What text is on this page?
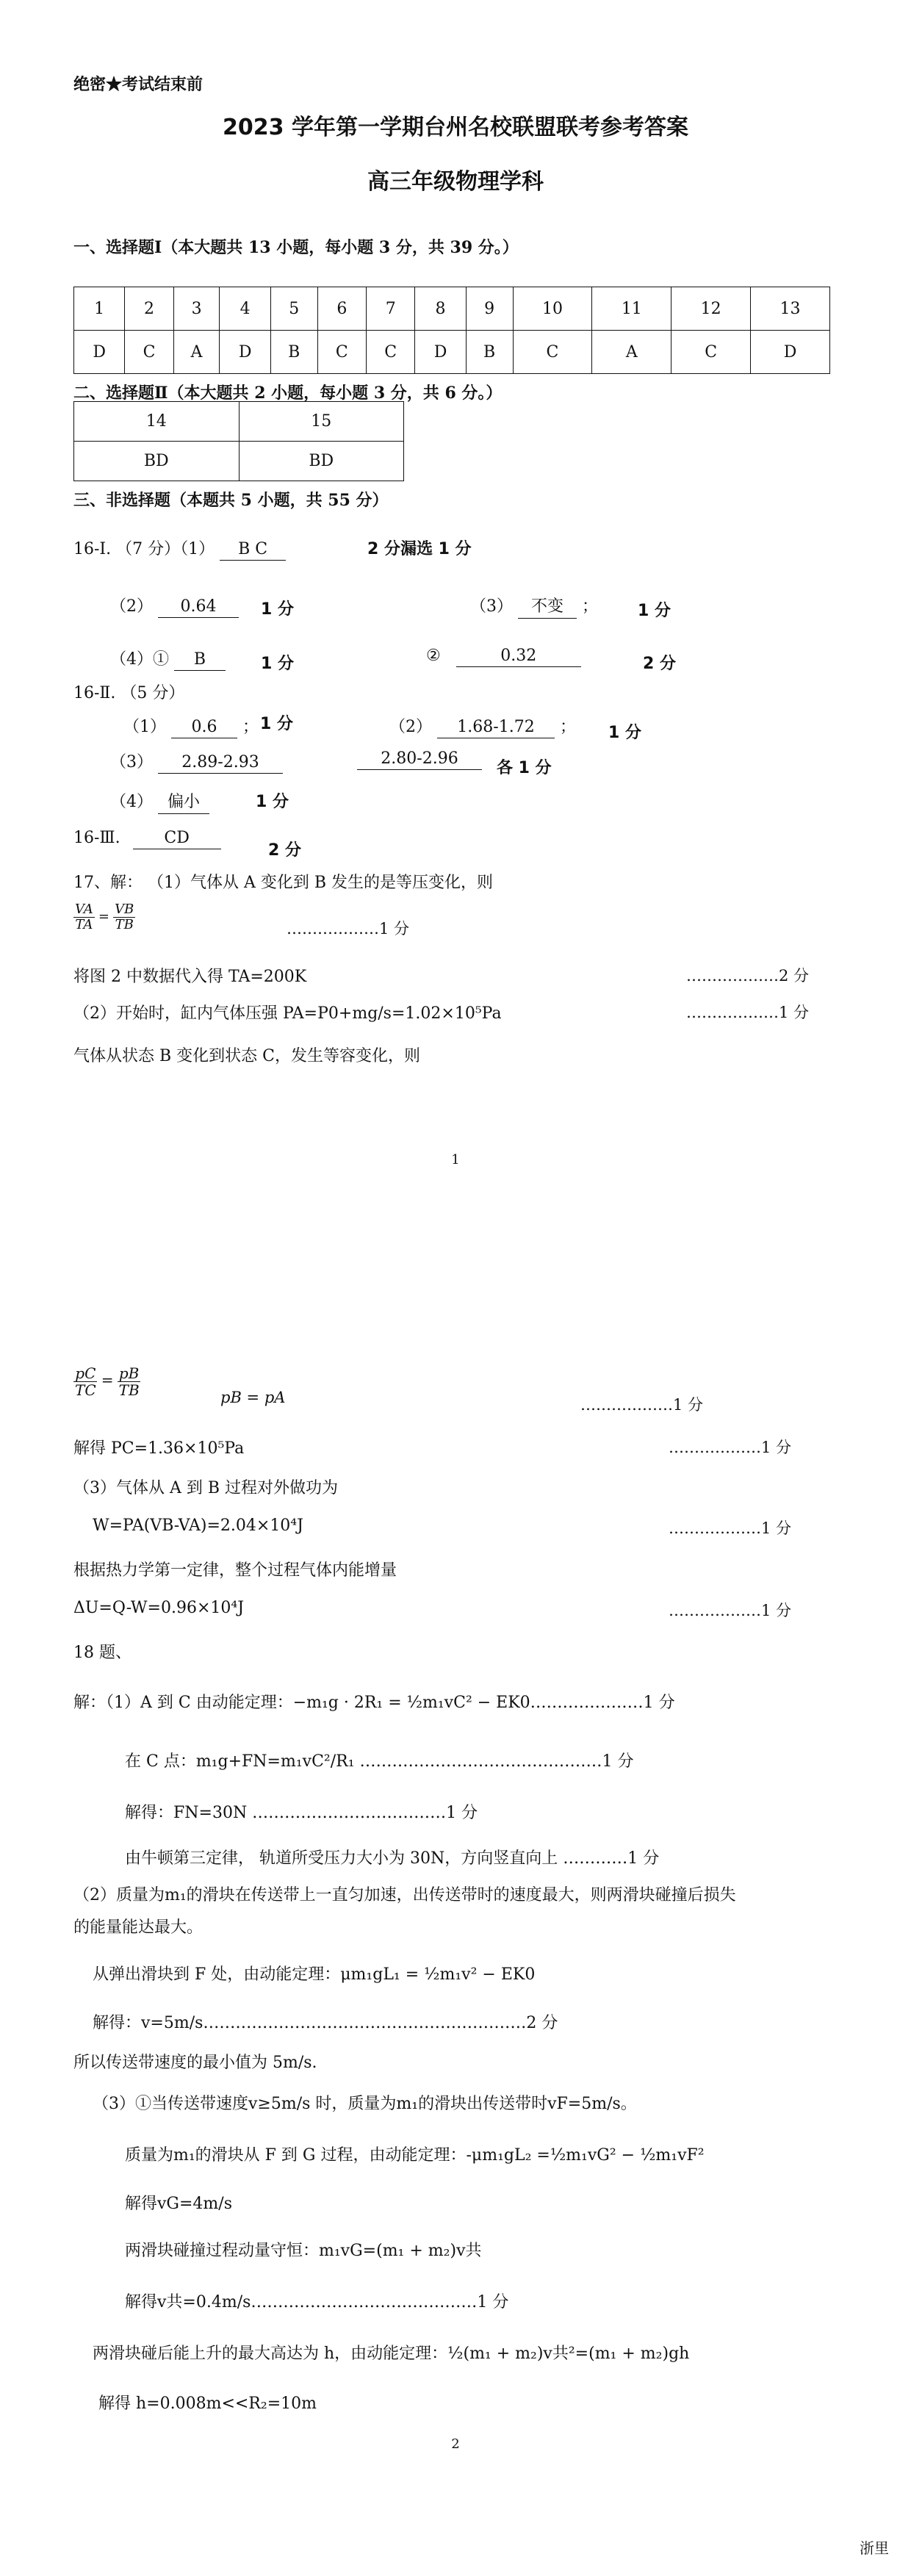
绝密★考试结束前
2023 学年第一学期台州名校联盟联考参考答案
高三年级物理学科
一、选择题Ⅰ（本大题共 13 小题，每小题 3 分，共 39 分。）
1	2	3	4	5	6	7	8	9	10	11	12	13
D	C	A	D	B	C	C	D	B	C	A	C	D
二、选择题Ⅱ（本大题共 2 小题，每小题 3 分，共 6 分。）
14	15
BD	BD
三、非选择题（本题共 5 小题，共 55 分）
16-Ⅰ. （7 分）（1） B C	2 分漏选 1 分
（2） 0.64	1 分	（3） 不变 ； 1 分
（4）① B	1 分	②	0.32	2 分
16-Ⅱ. （5 分）
（1） 0.6 ； 1 分	（2） 1.68-1.72 ； 1 分
（3） 2.89-2.93	2.80-2.96
各 1 分
（4） 偏小	1 分
16-Ⅲ.	CD
2 分
17、解： （1）气体从 A 变化到 B 发生的是等压变化，则
$\frac{VA}{TA} = \frac{VB}{TB}$	………………1 分
将图 2 中数据代入得 TA=200K	………………2 分
（2）开始时，缸内气体压强 PA=P0+mg/s=1.02×10⁵Pa	………………1 分
气体从状态 B 变化到状态 C，发生等容变化，则
1
$\frac{pC}{TC} = \frac{pB}{TB}$	pB = pA	………………1 分
解得 PC=1.36×10⁵Pa	………………1 分
（3）气体从 A 到 B 过程对外做功为
W=PA(VB-VA)=2.04×10⁴J	………………1 分
根据热力学第一定律，整个过程气体内能增量
ΔU=Q-W=0.96×10⁴J	………………1 分
18 题、
解：（1）A 到 C 由动能定理：−m₁g · 2R₁ = ½m₁vC² − EK0…………………1 分
在 C 点：m₁g+FN=m₁vC²/R₁ ………………………………………1 分
解得：FN=30N ………………………………1 分
由牛顿第三定律， 轨道所受压力大小为 30N，方向竖直向上 …………1 分
（2）质量为m₁的滑块在传送带上一直匀加速，出传送带时的速度最大，则两滑块碰撞后损失
的能量能达最大。
从弹出滑块到 F 处，由动能定理：μm₁gL₁ = ½m₁v² − EK0
解得：v=5m/s……………………………………………………2 分
所以传送带速度的最小值为 5m/s.
（3）①当传送带速度v≥5m/s 时，质量为m₁的滑块出传送带时vF=5m/s。
质量为m₁的滑块从 F 到 G 过程，由动能定理：-μm₁gL₂ =½m₁vG² − ½m₁vF²
解得vG=4m/s
两滑块碰撞过程动量守恒：m₁vG=(m₁ + m₂)v共
解得v共=0.4m/s……………………………………1 分
两滑块碰后能上升的最大高达为 h，由动能定理：½(m₁ + m₂)v共²=(m₁ + m₂)gh
解得 h=0.008m<<R₂=10m
2
浙里
